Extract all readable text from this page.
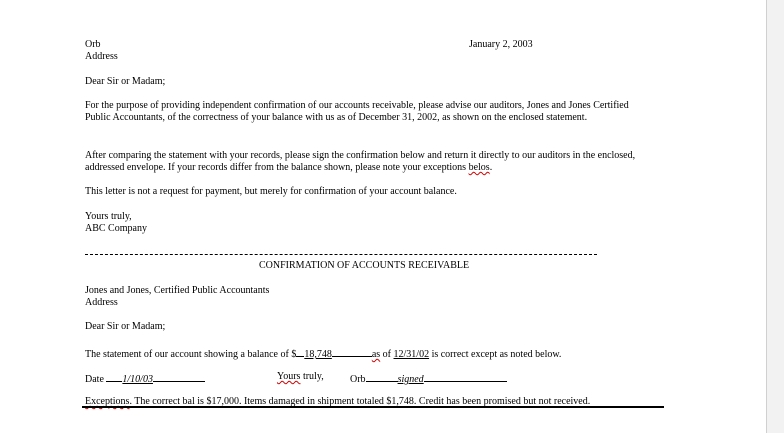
Orb	January 2, 2003
Address
Dear Sir or Madam;
For the purpose of providing independent confirmation of our accounts receivable, please advise our auditors, Jones and Jones Certified Public Accountants, of the correctness of your balance with us as of December 31, 2002, as shown on the enclosed statement.
After comparing the statement with your records, please sign the confirmation below and return it directly to our auditors in the enclosed, addressed envelope. If your records differ from the balance shown, please note your exceptions belos.
This letter is not a request for payment, but merely for confirmation of your account balance.
Yours truly,
ABC Company
CONFIRMATION OF ACCOUNTS RECEIVABLE
Jones and Jones, Certified Public Accountants
Address
Dear Sir or Madam;
The statement of our account showing a balance of $ 18,748	as of 12/31/02 is correct except as noted below.
Date 1/10/03	Yours truly,	Orb	signed
Exceptions. The correct bal is $17,000. Items damaged in shipment totaled $1,748. Credit has been promised but not received.
